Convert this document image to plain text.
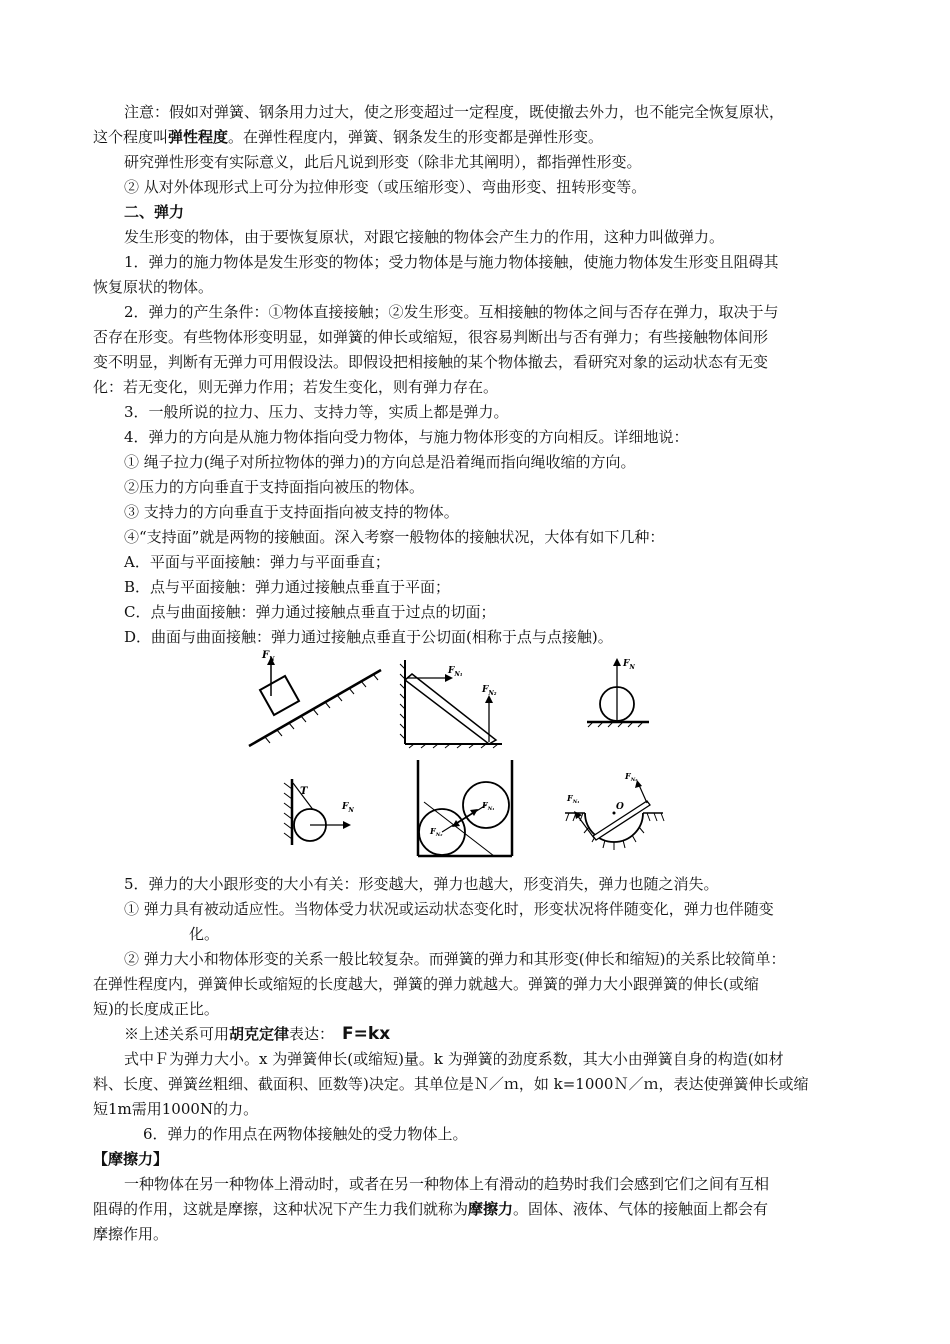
注意：假如对弹簧、钢条用力过大，使之形变超过一定程度，既使撤去外力，也不能完全恢复原状，
这个程度叫弹性程度。在弹性程度内，弹簧、钢条发生的形变都是弹性形变。
研究弹性形变有实际意义，此后凡说到形变（除非尤其阐明），都指弹性形变。
② 从对外体现形式上可分为拉伸形变（或压缩形变）、弯曲形变、扭转形变等。
二、弹力
发生形变的物体，由于要恢复原状，对跟它接触的物体会产生力的作用，这种力叫做弹力。
1．弹力的施力物体是发生形变的物体；受力物体是与施力物体接触，使施力物体发生形变且阻碍其
恢复原状的物体。
2．弹力的产生条件：①物体直接接触；②发生形变。互相接触的物体之间与否存在弹力，取决于与
否存在形变。有些物体形变明显，如弹簧的伸长或缩短，很容易判断出与否有弹力；有些接触物体间形
变不明显，判断有无弹力可用假设法。即假设把相接触的某个物体撤去，看研究对象的运动状态有无变
化：若无变化，则无弹力作用；若发生变化，则有弹力存在。
3．一般所说的拉力、压力、支持力等，实质上都是弹力。
4．弹力的方向是从施力物体指向受力物体，与施力物体形变的方向相反。详细地说：
① 绳子拉力(绳子对所拉物体的弹力)的方向总是沿着绳而指向绳收缩的方向。
②压力的方向垂直于支持面指向被压的物体。
③ 支持力的方向垂直于支持面指向被支持的物体。
④“支持面”就是两物的接触面。深入考察一般物体的接触状况，大体有如下几种：
A．平面与平面接触：弹力与平面垂直；
B．点与平面接触：弹力通过接触点垂直于平面；
C．点与曲面接触：弹力通过接触点垂直于过点的切面；
D．曲面与曲面接触：弹力通过接触点垂直于公切面(相称于点与点接触)。
$F_N$
$F_{N_1}$
$F_{N_2}$
$F_N$
T
$F_N$
$F_{N_1}$
$F_{N_2}$
O
$F_{N_1}$
$F_{N_2}$
5．弹力的大小跟形变的大小有关：形变越大，弹力也越大，形变消失，弹力也随之消失。
① 弹力具有被动适应性。当物体受力状况或运动状态变化时，形变状况将伴随变化，弹力也伴随变
化。
② 弹力大小和物体形变的关系一般比较复杂。而弹簧的弹力和其形变(伸长和缩短)的关系比较简单：
在弹性程度内，弹簧伸长或缩短的长度越大，弹簧的弹力就越大。弹簧的弹力大小跟弹簧的伸长(或缩
短)的长度成正比。
※上述关系可用胡克定律表达： F=kx
式中Ｆ为弹力大小。x 为弹簧伸长(或缩短)量。k 为弹簧的劲度系数，其大小由弹簧自身的构造(如材
料、长度、弹簧丝粗细、截面积、匝数等)决定。其单位是Ｎ／ｍ，如 k=1000Ｎ／ｍ，表达使弹簧伸长或缩
短1m需用1000N的力。
6．弹力的作用点在两物体接触处的受力物体上。
【摩擦力】
一种物体在另一种物体上滑动时，或者在另一种物体上有滑动的趋势时我们会感到它们之间有互相
阻碍的作用，这就是摩擦，这种状况下产生力我们就称为摩擦力。固体、液体、气体的接触面上都会有
摩擦作用。
